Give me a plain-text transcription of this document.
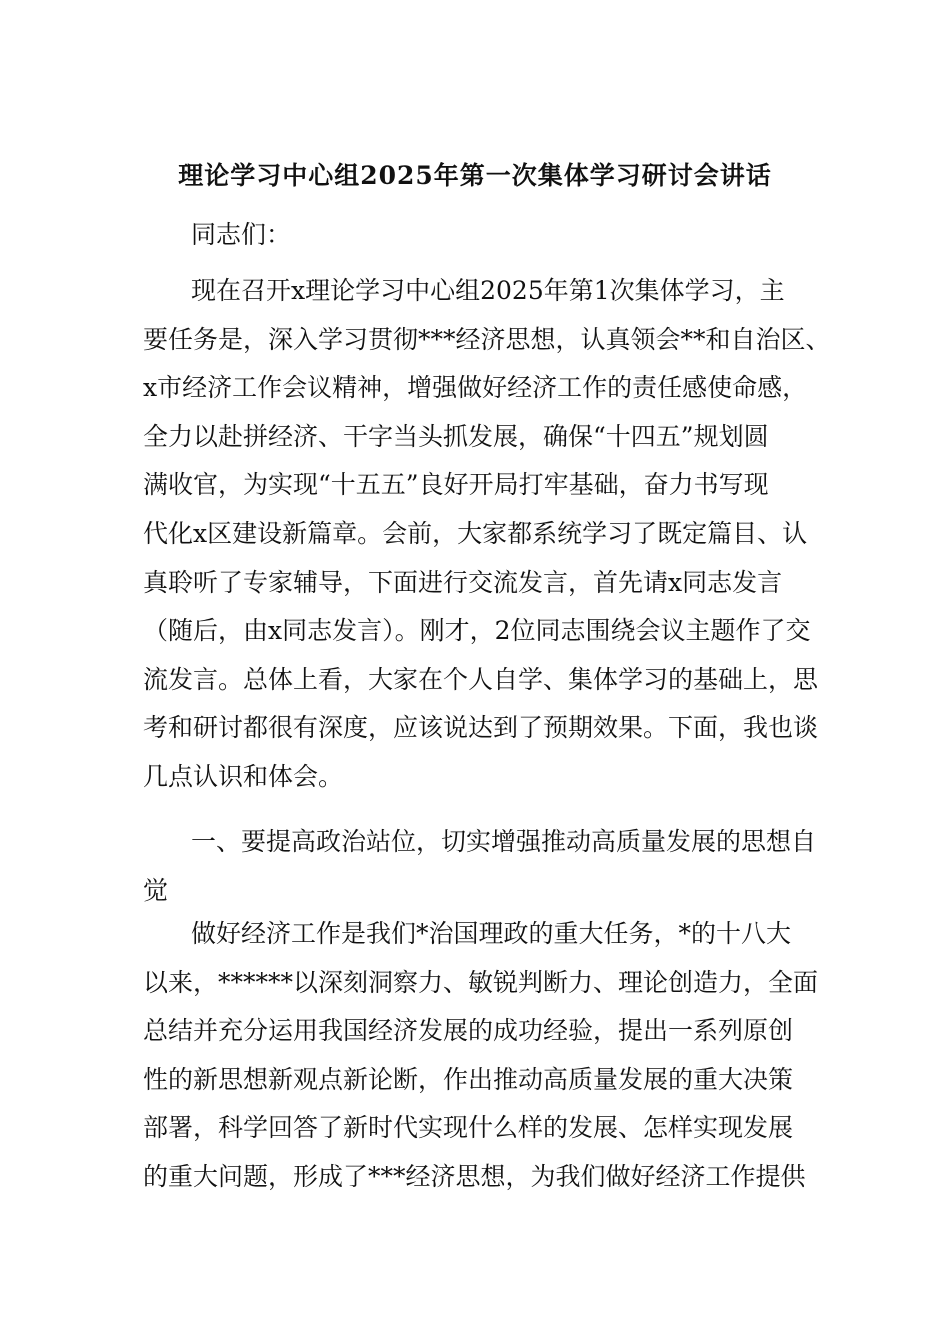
理论学习中心组2025年第一次集体学习研讨会讲话
同志们：
现在召开x理论学习中心组2025年第1次集体学习，主
要任务是，深入学习贯彻***经济思想，认真领会**和自治区、
x市经济工作会议精神，增强做好经济工作的责任感使命感，
全力以赴拼经济、干字当头抓发展，确保“十四五”规划圆
满收官，为实现“十五五”良好开局打牢基础，奋力书写现
代化x区建设新篇章。会前，大家都系统学习了既定篇目、认
真聆听了专家辅导，下面进行交流发言，首先请x同志发言
（随后，由x同志发言）。刚才，2位同志围绕会议主题作了交
流发言。总体上看，大家在个人自学、集体学习的基础上，思
考和研讨都很有深度，应该说达到了预期效果。下面，我也谈
几点认识和体会。
一、要提高政治站位，切实增强推动高质量发展的思想自
觉
做好经济工作是我们*治国理政的重大任务，*的十八大
以来，******以深刻洞察力、敏锐判断力、理论创造力，全面
总结并充分运用我国经济发展的成功经验，提出一系列原创
性的新思想新观点新论断，作出推动高质量发展的重大决策
部署，科学回答了新时代实现什么样的发展、怎样实现发展
的重大问题，形成了***经济思想，为我们做好经济工作提供
